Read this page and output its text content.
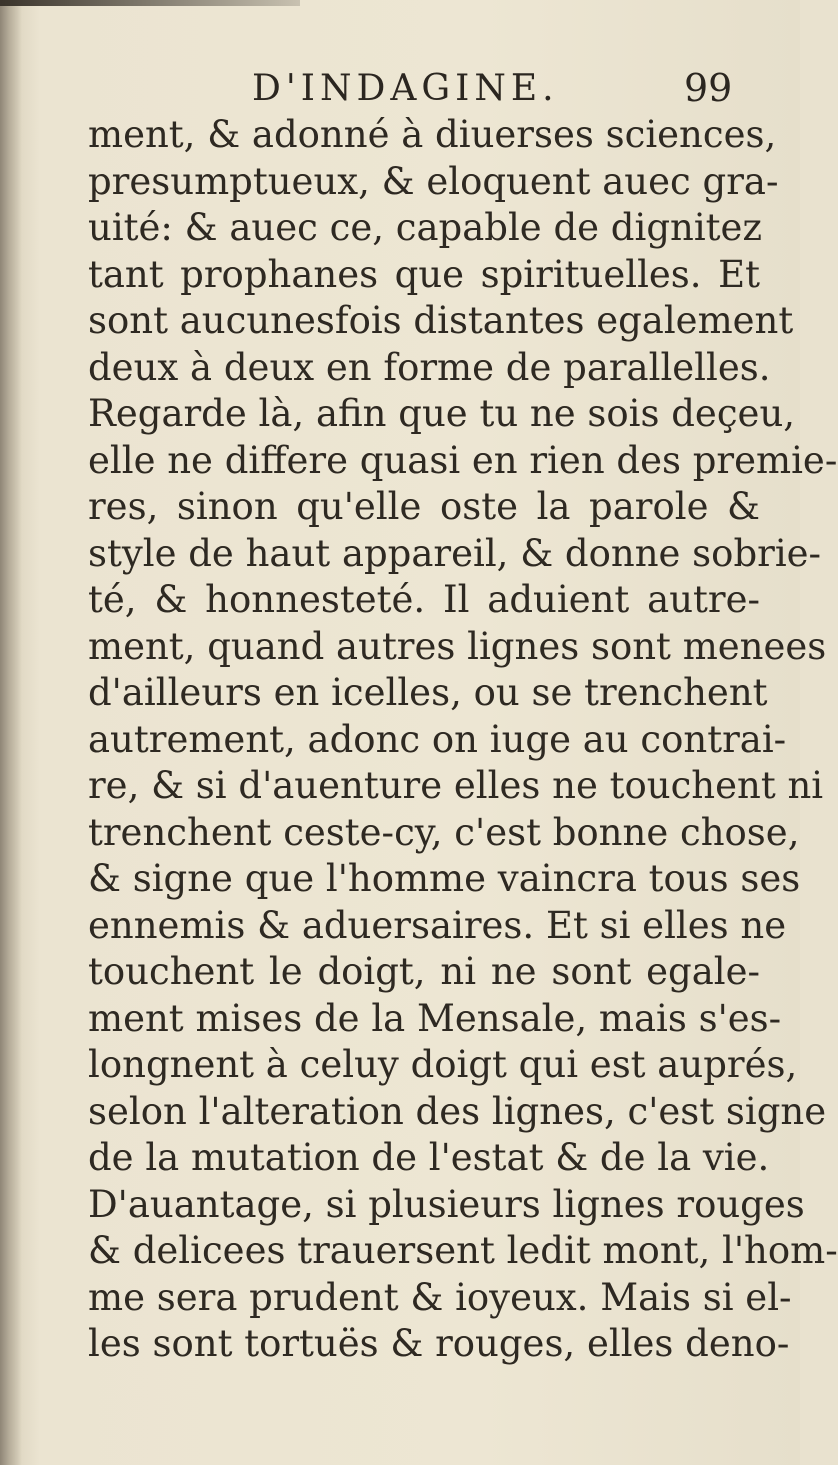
D'INDAGINE.	99
ment, & adonné à diuerses sciences,
presumptueux, & eloquent auec gra-
uité: & auec ce, capable de dignitez
tant prophanes que spirituelles. Et
sont aucunesfois distantes egalement
deux à deux en forme de parallelles.
Regarde là, afin que tu ne sois deçeu,
elle ne differe quasi en rien des premie-
res, sinon qu'elle oste la parole &
style de haut appareil, & donne sobrie-
té, & honnesteté. Il aduient autre-
ment, quand autres lignes sont menees
d'ailleurs en icelles, ou se trenchent
autrement, adonc on iuge au contrai-
re, & si d'auenture elles ne touchent ni
trenchent ceste-cy, c'est bonne chose,
& signe que l'homme vaincra tous ses
ennemis & aduersaires. Et si elles ne
touchent le doigt, ni ne sont egale-
ment mises de la Mensale, mais s'es-
longnent à celuy doigt qui est auprés,
selon l'alteration des lignes, c'est signe
de la mutation de l'estat & de la vie.
D'auantage, si plusieurs lignes rouges
& delicees trauersent ledit mont, l'hom-
me sera prudent & ioyeux. Mais si el-
les sont tortuës & rouges, elles deno-
